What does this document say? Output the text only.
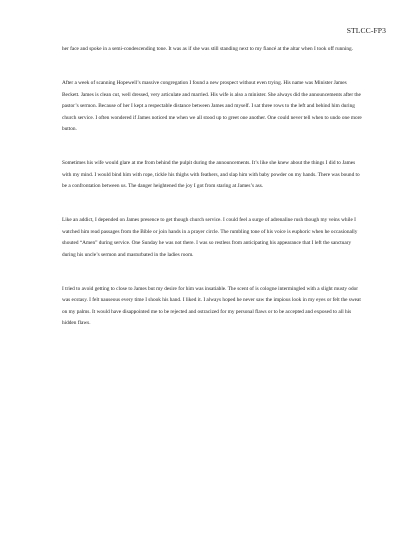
STLCC-FP3

her face and spoke in a semi-condescending tone. It was as if she was still standing next to my fiancé at the altar when I took off running.

After a week of scanning Hopewell’s massive congregation I found a new prospect without even trying. His name was Minister James Beckett. James is clean cut, well dressed, very articulate and married. His wife is also a minister. She always did the announcements after the pastor’s sermon. Because of her I kept a respectable distance between James and myself. I sat three rows to the left and behind him during church service. I often wondered if James noticed me when we all stood up to greet one another. One could never tell when to undo one more button.

Sometimes his wife would glare at me from behind the pulpit during the announcements. It’s like she knew about the things I did to James with my mind. I would bind him with rope, tickle his thighs with feathers, and slap him with baby powder on my hands. There was bound to be a confrontation between us. The danger heightened the joy I got from staring at James’s ass.

Like an addict, I depended on James presence to get though church service. I could feel a surge of adrenaline rush though my veins while I watched him read passages from the Bible or join hands in a prayer circle. The rumbling tone of his voice is euphoric when he occasionally shouted “Amen” during service. One Sunday he was not there. I was so restless from anticipating his appearance that I left the sanctuary during his uncle’s sermon and masturbated in the ladies room.

I tried to avoid getting to close to James but my desire for him was insatiable. The scent of is cologne intermingled with a slight musty odor was ecstasy. I felt nauseous every time I shook his hand. I liked it. I always hoped he never saw the impious look in my eyes or felt the sweat on my palms. It would have disappointed me to be rejected and ostracized for my personal flaws or to be accepted and exposed to all his hidden flaws.
